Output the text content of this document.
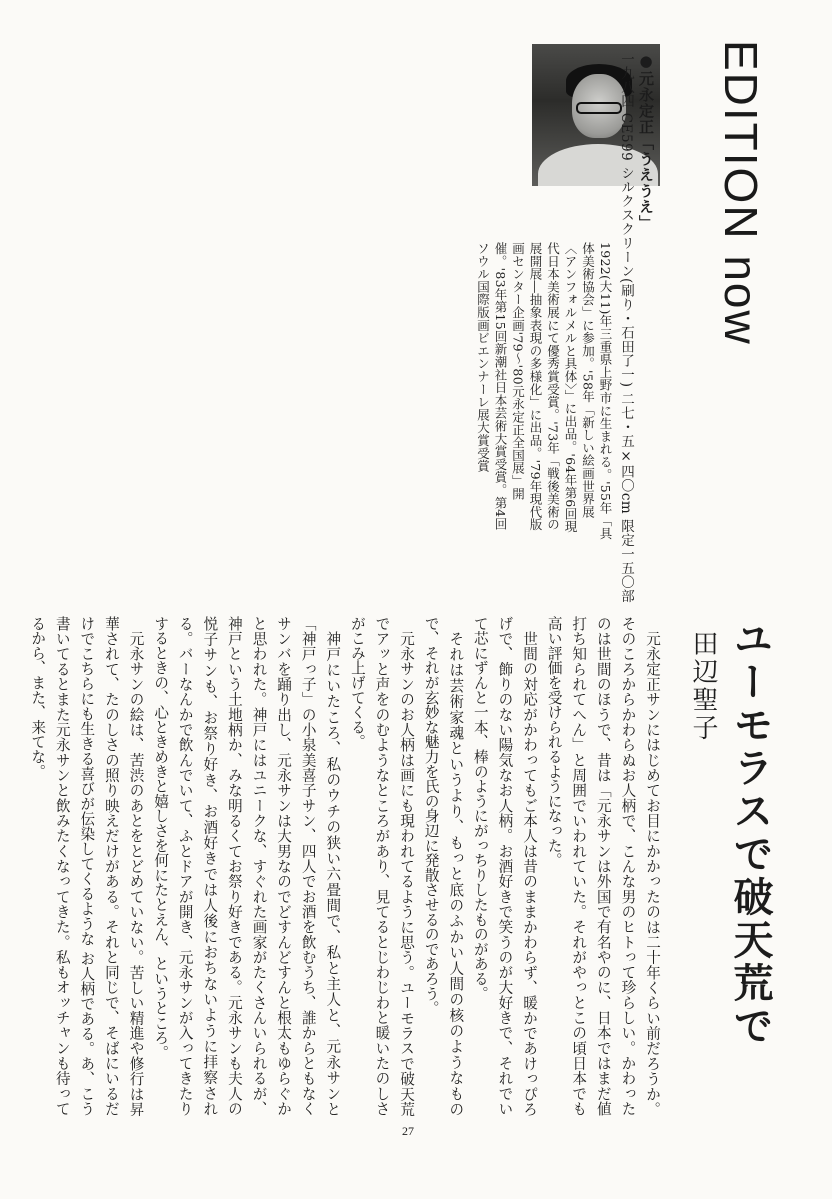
EDITION now
●元永定正「うえうえ」
一九八四 CE599 シルクスクリーン(刷り・石田了一) 二七・五×四〇cm 限定一五〇部
1922(大11)年三重県上野市に生まれる。'55年「具体美術協会」に参加。'58年「新しい絵画世界展〈アンフォルメルと具体〉」に出品。'64年第6回現代日本美術展にて優秀賞受賞。'73年「戦後美術の展開展―抽象表現の多様化」に出品。'79年現代版画センター企画'79〜'80元永定正全国展」開催。'83年第15回新潮社日本芸術大賞受賞。第4回ソウル国際版画ビエンナーレ展大賞受賞
ユーモラスで破天荒で
田辺聖子

元永定正サンにはじめてお目にかかったのは二十年くらい前だろうか。そのころからかわらぬお人柄で、こんな男のヒトって珍らしい。かわったのは世間のほうで、昔は「元永サンは外国で有名やのに、日本ではまだ値打ち知られてへん」と周囲でいわれていた。それがやっとこの頃日本でも高い評価を受けられるようになった。

世間の対応がかわってもご本人は昔のままかわらず、暖かであけっぴろげで、飾りのない陽気なお人柄。お酒好きで笑うのが大好きで、それでいて芯にずんと一本、棒のようにがっちりしたものがある。

それは芸術家魂というより、もっと底のふかい人間の核のようなもので、それが玄妙な魅力を氏の身辺に発散させるのであろう。

元永サンのお人柄は画にも現われてるように思う。ユーモラスで破天荒でアッと声をのむようなところがあり、見てるとじわじわと暖いたのしさがこみ上げてくる。

神戸にいたころ、私のウチの狭い六畳間で、私と主人と、元永サンと「神戸っ子」の小泉美喜子サン、四人でお酒を飲むうち、誰からともなくサンバを踊り出し、元永サンは大男なのでどすんどすんと根太もゆらぐかと思われた。神戸にはユニークな、すぐれた画家がたくさんいられるが、神戸という土地柄か、みな明るくてお祭り好きである。元永サンも夫人の悦子サンも、お祭り好き、お酒好きでは人後におちないように拝察される。バーなんかで飲んでいて、ふとドアが開き、元永サンが入ってきたりするときの、心ときめきと嬉しさを何にたとえん、というところ。

元永サンの絵は、苦渋のあとをとどめていない。苦しい精進や修行は昇華されて、たのしさの照り映えだけがある。それと同じで、そばにいるだけでこちらにも生きる喜びが伝染してくるような お人柄である。あ、こう書いてるとまた元永サンと飲みたくなってきた。私もオッチャンも待ってるから、また、来てな。

27
